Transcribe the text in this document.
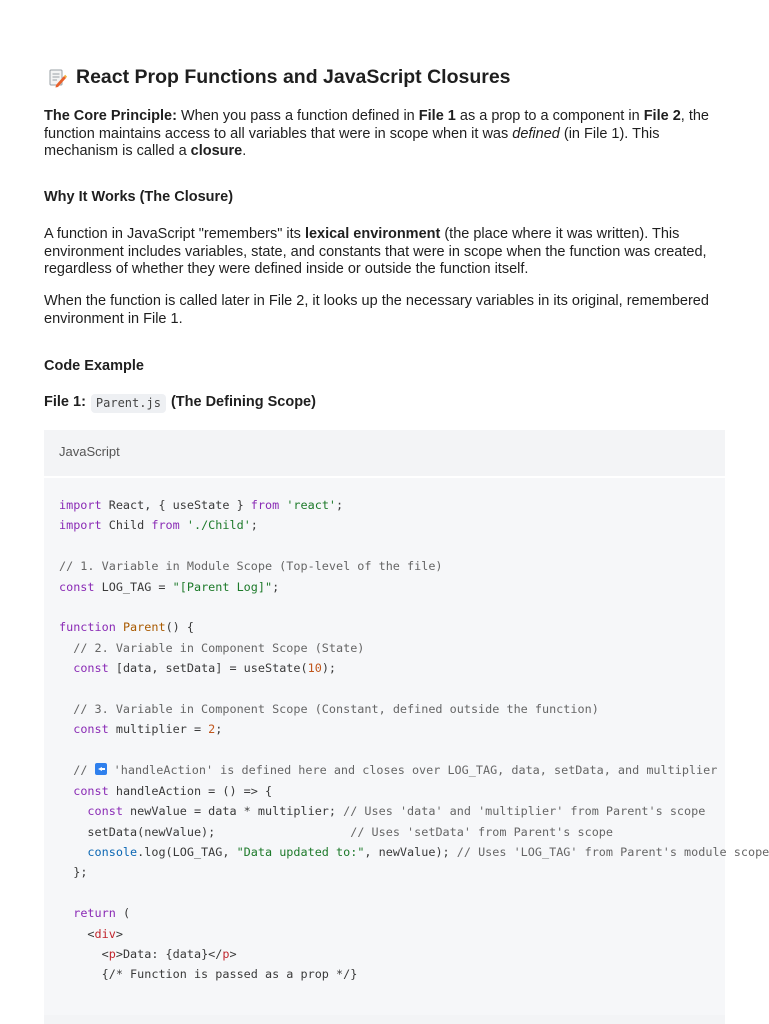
React Prop Functions and JavaScript Closures

The Core Principle: When you pass a function defined in File 1 as a prop to a component in File 2, the function maintains access to all variables that were in scope when it was defined (in File 1). This mechanism is called a closure.

Why It Works (The Closure)

A function in JavaScript "remembers" its lexical environment (the place where it was written). This environment includes variables, state, and constants that were in scope when the function was created, regardless of whether they were defined inside or outside the function itself.

When the function is called later in File 2, it looks up the necessary variables in its original, remembered environment in File 1.

Code Example
File 1: Parent.js (The Defining Scope)
JavaScript
import React, { useState } from 'react';
import Child from './Child';

// 1. Variable in Module Scope (Top-level of the file)
const LOG_TAG = "[Parent Log]";

function Parent() {
// 2. Variable in Component Scope (State)
const [data, setData] = useState(10);

// 3. Variable in Component Scope (Constant, defined outside the function)
const multiplier = 2;

//  'handleAction' is defined here and closes over LOG_TAG, data, setData, and multiplier
const handleAction = () => {
const newValue = data * multiplier; // Uses 'data' and 'multiplier' from Parent's scope
setData(newValue);                   // Uses 'setData' from Parent's scope
console.log(LOG_TAG, "Data updated to:", newValue); // Uses 'LOG_TAG' from Parent's module scope
};

return (
<div>
<p>Data: {data}</p>
{/* Function is passed as a prop */}
